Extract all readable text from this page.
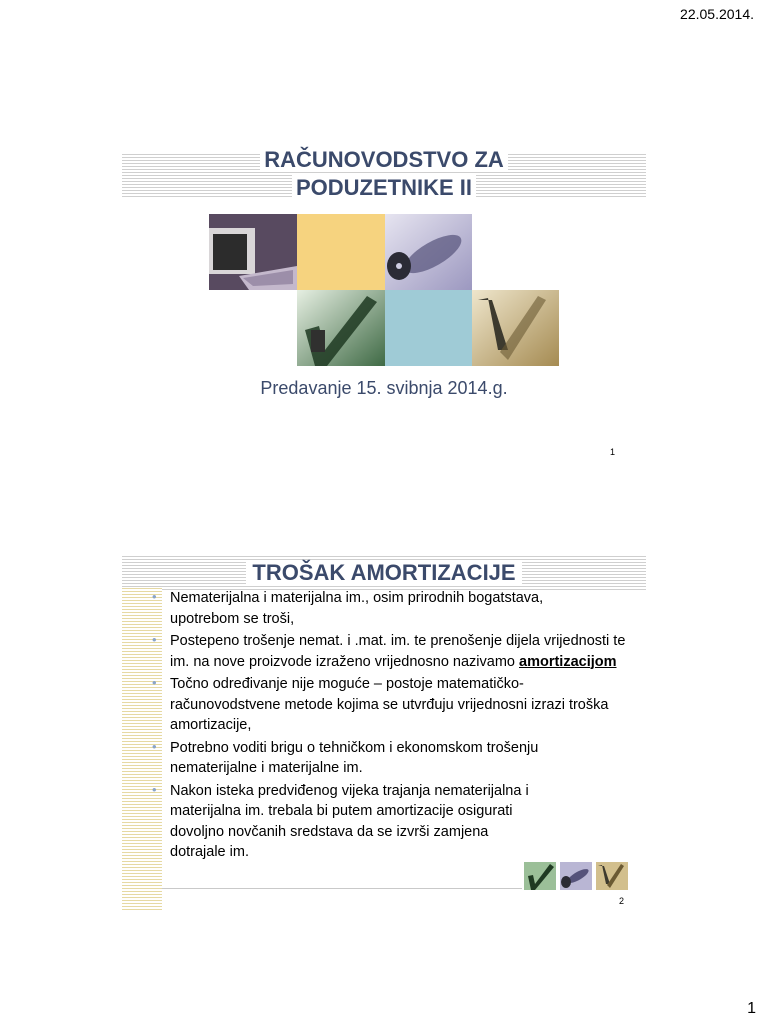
22.05.2014.
RAČUNOVODSTVO ZA
PODUZETNIKE II
Predavanje 15. svibnja 2014.g.
1
TROŠAK AMORTIZACIJE
• Nematerijalna i materijalna im., osim prirodnih bogatstava,
upotrebom se troši,
• Postepeno trošenje nemat. i .mat. im. te prenošenje dijela vrijednosti te im. na nove proizvode izraženo vrijednosno nazivamo amortizacijom
• Točno određivanje nije moguće – postoje matematičko-računovodstvene metode kojima se utvrđuju vrijednosni izrazi troška amortizacije,
• Potrebno voditi brigu o tehničkom i ekonomskom trošenju
nematerijalne i materijalne im.
• Nakon isteka predviđenog vijeka trajanja nematerijalna i
materijalna im. trebala bi putem amortizacije osigurati
dovoljno novčanih sredstava da se izvrši zamjena
dotrajale im.
2
1
